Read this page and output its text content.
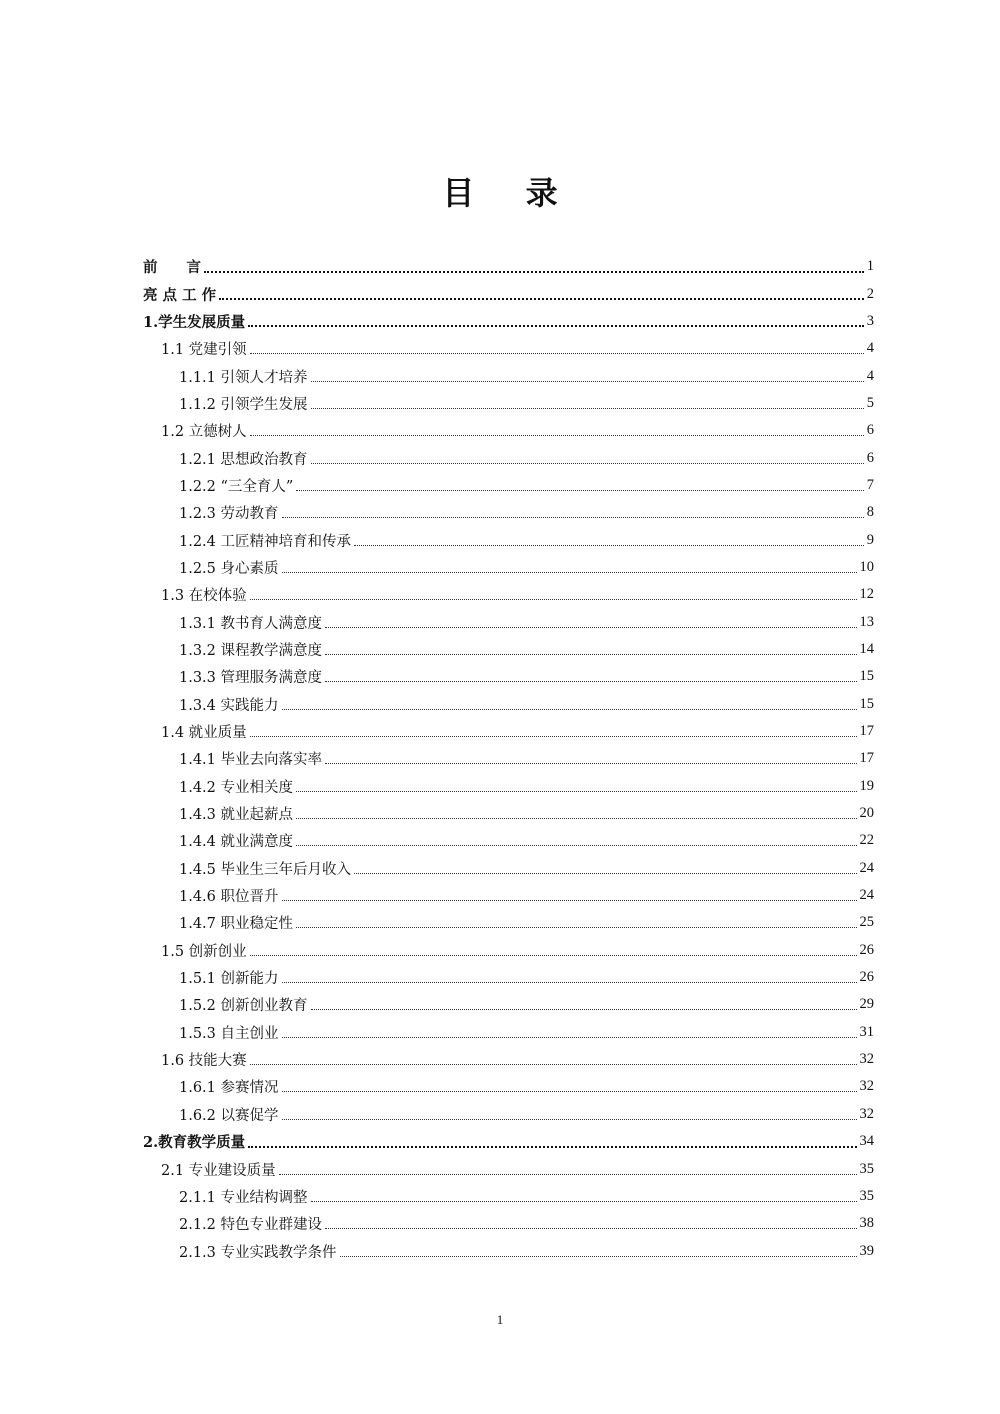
目 录
前　　言	1
亮 点 工 作	2
1.学生发展质量	3
1.1 党建引领	4
1.1.1 引领人才培养	4
1.1.2 引领学生发展	5
1.2 立德树人	6
1.2.1 思想政治教育	6
1.2.2 “三全育人”	7
1.2.3 劳动教育	8
1.2.4 工匠精神培育和传承	9
1.2.5 身心素质	10
1.3 在校体验	12
1.3.1 教书育人满意度	13
1.3.2 课程教学满意度	14
1.3.3 管理服务满意度	15
1.3.4 实践能力	15
1.4 就业质量	17
1.4.1 毕业去向落实率	17
1.4.2 专业相关度	19
1.4.3 就业起薪点	20
1.4.4 就业满意度	22
1.4.5 毕业生三年后月收入	24
1.4.6 职位晋升	24
1.4.7 职业稳定性	25
1.5 创新创业	26
1.5.1 创新能力	26
1.5.2 创新创业教育	29
1.5.3 自主创业	31
1.6 技能大赛	32
1.6.1 参赛情况	32
1.6.2 以赛促学	32
2.教育教学质量	34
2.1 专业建设质量	35
2.1.1 专业结构调整	35
2.1.2 特色专业群建设	38
2.1.3 专业实践教学条件	39
1
